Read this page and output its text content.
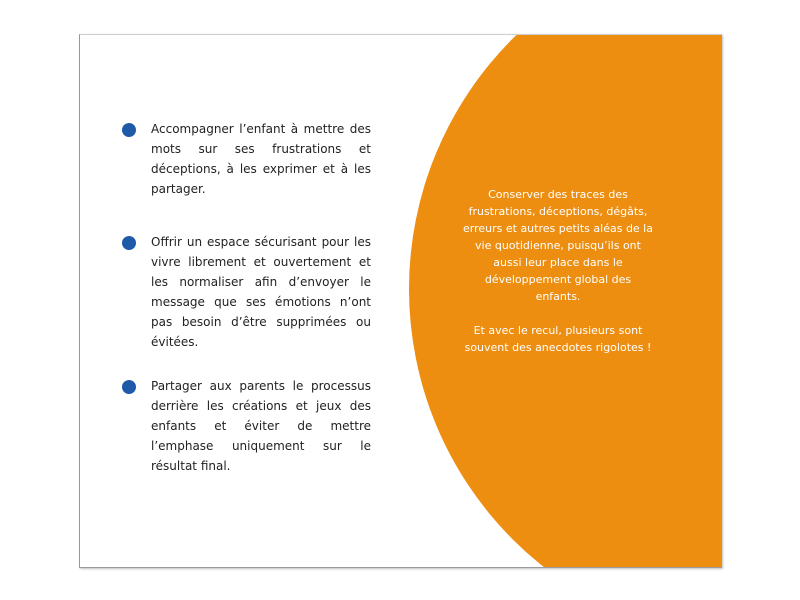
Accompagner l’enfant à mettre des mots sur ses frustrations et déceptions, à les exprimer et à les partager.
Offrir un espace sécurisant pour les vivre librement et ouvertement et les normaliser afin d’envoyer le message que ses émotions n’ont pas besoin d’être supprimées ou évitées.
Partager aux parents le processus derrière les créations et jeux des enfants et éviter de mettre l’emphase uniquement sur le résultat final.

Conserver des traces des frustrations, déceptions, dégâts, erreurs et autres petits aléas de la vie quotidienne, puisqu’ils ont aussi leur place dans le développement global des enfants.

Et avec le recul, plusieurs sont souvent des anecdotes rigolotes !
